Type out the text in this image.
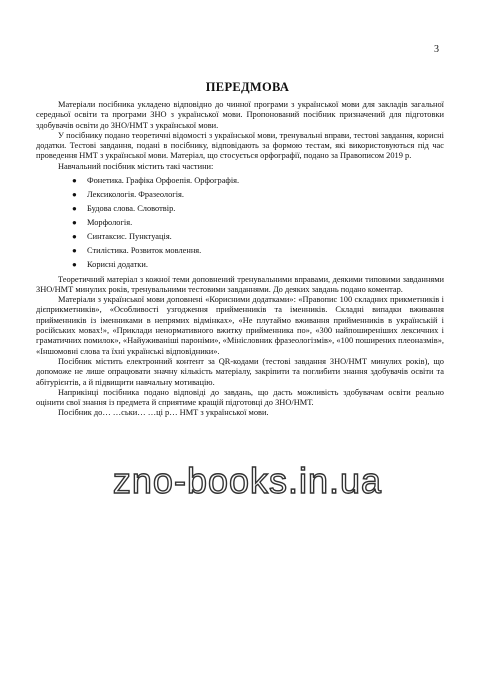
3
ПЕРЕДМОВА

Матеріали посібника укладено відповідно до чинної програми з української мови для закладів загальної середньої освіти та програми ЗНО з української мови. Пропонований посібник призначений для підготовки здобувачів освіти до ЗНО/НМТ з української мови.

У посібнику подано теоретичні відомості з української мови, тренувальні вправи, тестові завдання, корисні додатки. Тестові завдання, подані в посібнику, відповідають за формою тестам, які використовуються під час проведення НМТ з української мови. Матеріал, що стосується орфографії, подано за Правописом 2019 р.

Навчальний посібник містить такі частини:

● Фонетика. Графіка Орфоепія. Орфографія.
● Лексикологія. Фразеологія.
● Будова слова. Словотвір.
● Морфологія.
● Синтаксис. Пунктуація.
● Стилістика. Розвиток мовлення.
● Корисні додатки.

Теоретичний матеріал з кожної теми доповнений тренувальними вправами, деякими типовими завданнями ЗНО/НМТ минулих років, тренувальними тестовими завданнями. До деяких завдань подано коментар.

Матеріали з української мови доповнені «Корисними додатками»: «Правопис 100 складних прикметників і дієприкметників», «Особливості узгодження прийменників та іменників. Складні випадки вживання прийменників із іменниками в непрямих відмінках», «Не плутаймо вживання прийменників в українській і російських мовах!», «Приклади ненормативного вжитку прийменника по», «300 найпоширеніших лексичних і граматичних помилок», «Найуживаніші пароніми», «Мінісловник фразеологізмів», «100 поширених плеоназмів», «Іншомовні слова та їхні українські відповідники».

Посібник містить електронний контент за QR-кодами (тестові завдання ЗНО/НМТ минулих років), що допоможе не лише опрацювати значну кількість матеріалу, закріпити та поглибити знання здобувачів освіти та абітурієнтів, а й підвищити навчальну мотивацію.

Наприкінці посібника подано відповіді до завдань, що дасть можливість здобувачам освіти реально оцінити свої знання із предмета й сприятиме кращій підготовці до ЗНО/НМТ.

Посібник до… …ськи… …ці р… НМТ з української мови.

zno-books.in.ua
